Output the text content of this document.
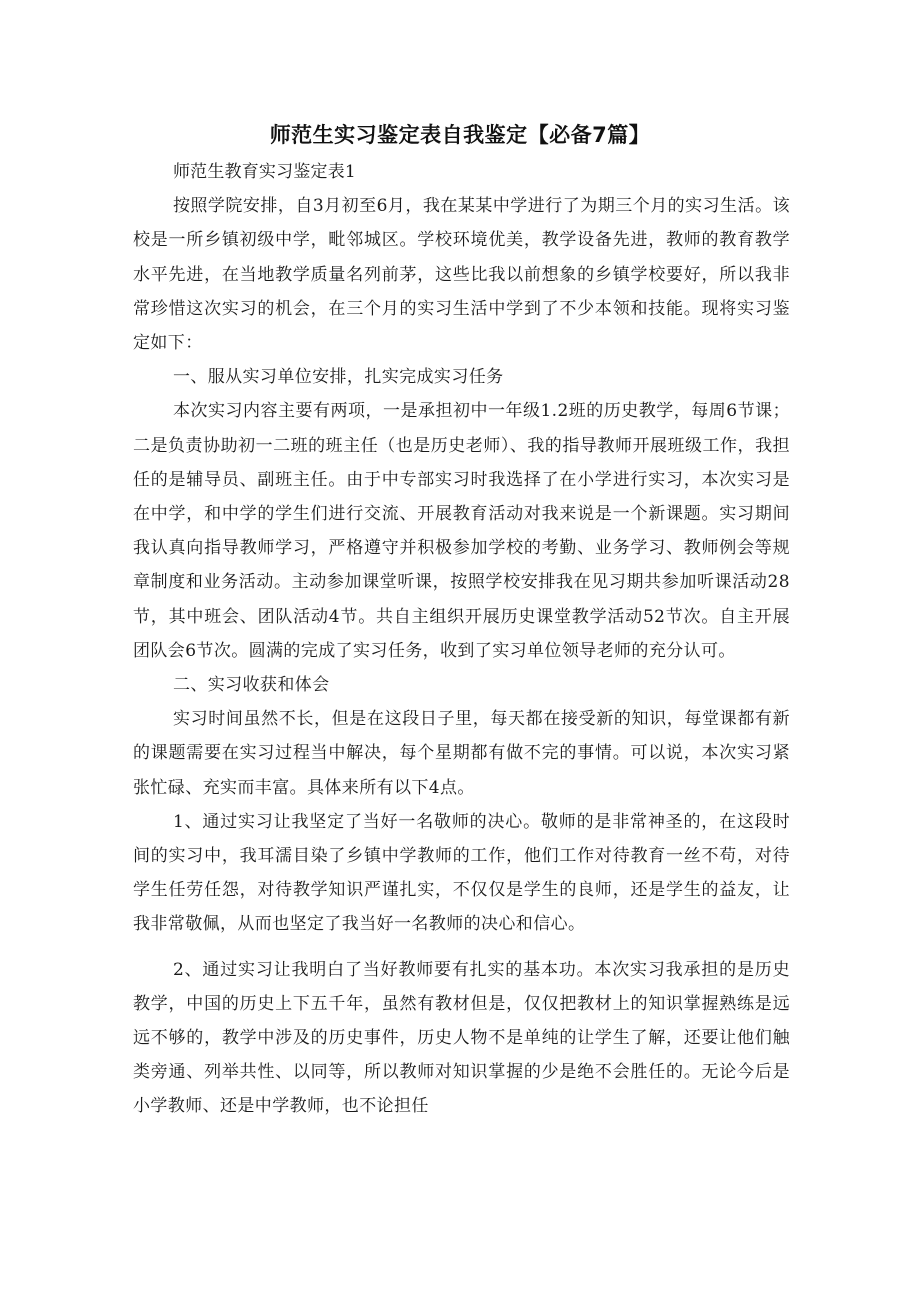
师范生实习鉴定表自我鉴定【必备7篇】

师范生教育实习鉴定表1

按照学院安排，自3月初至6月，我在某某中学进行了为期三个月的实习生活。该校是一所乡镇初级中学，毗邻城区。学校环境优美，教学设备先进，教师的教育教学水平先进，在当地教学质量名列前茅，这些比我以前想象的乡镇学校要好，所以我非常珍惜这次实习的机会，在三个月的实习生活中学到了不少本领和技能。现将实习鉴定如下：

一、服从实习单位安排，扎实完成实习任务

本次实习内容主要有两项，一是承担初中一年级1.2班的历史教学，每周6节课；二是负责协助初一二班的班主任（也是历史老师）、我的指导教师开展班级工作，我担任的是辅导员、副班主任。由于中专部实习时我选择了在小学进行实习，本次实习是在中学，和中学的学生们进行交流、开展教育活动对我来说是一个新课题。实习期间我认真向指导教师学习，严格遵守并积极参加学校的考勤、业务学习、教师例会等规章制度和业务活动。主动参加课堂听课，按照学校安排我在见习期共参加听课活动28节，其中班会、团队活动4节。共自主组织开展历史课堂教学活动52节次。自主开展团队会6节次。圆满的完成了实习任务，收到了实习单位领导老师的充分认可。

二、实习收获和体会

实习时间虽然不长，但是在这段日子里，每天都在接受新的知识，每堂课都有新的课题需要在实习过程当中解决，每个星期都有做不完的事情。可以说，本次实习紧张忙碌、充实而丰富。具体来所有以下4点。

1、通过实习让我坚定了当好一名敬师的决心。敬师的是非常神圣的，在这段时间的实习中，我耳濡目染了乡镇中学教师的工作，他们工作对待教育一丝不苟，对待学生任劳任怨，对待教学知识严谨扎实，不仅仅是学生的良师，还是学生的益友，让我非常敬佩，从而也坚定了我当好一名教师的决心和信心。

2、通过实习让我明白了当好教师要有扎实的基本功。本次实习我承担的是历史教学，中国的历史上下五千年，虽然有教材但是，仅仅把教材上的知识掌握熟练是远远不够的，教学中涉及的历史事件，历史人物不是单纯的让学生了解，还要让他们触类旁通、列举共性、以同等，所以教师对知识掌握的少是绝不会胜任的。无论今后是小学教师、还是中学教师，也不论担任
